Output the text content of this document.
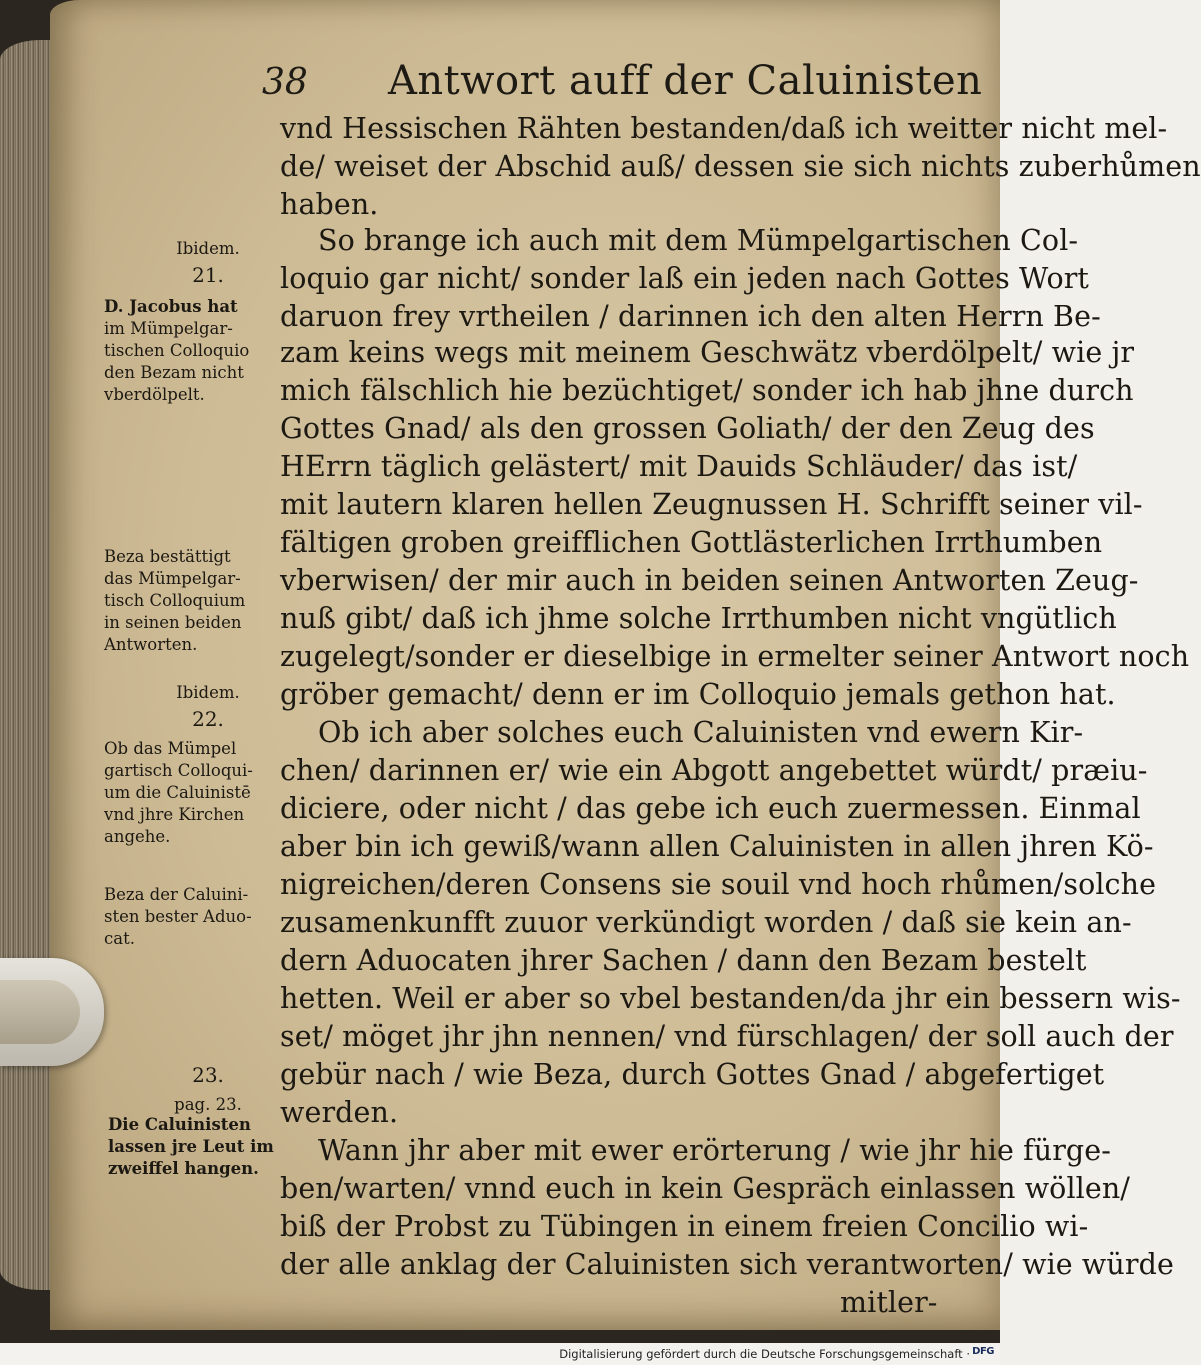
38 Antwort auff der Caluinisten
vnd Hessischen Rähten bestanden/daß ich weitter nicht mel-
de/ weiset der Abschid auß/ dessen sie sich nichts zuberhůmen
haben.
So brange ich auch mit dem Mümpelgartischen Col-
loquio gar nicht/ sonder laß ein jeden nach Gottes Wort
daruon frey vrtheilen / darinnen ich den alten Herrn Be-
zam keins wegs mit meinem Geschwätz vberdölpelt/ wie jr
mich fälschlich hie bezüchtiget/ sonder ich hab jhne durch
Gottes Gnad/ als den grossen Goliath/ der den Zeug des
HErrn täglich gelästert/ mit Dauids Schläuder/ das ist/
mit lautern klaren hellen Zeugnussen H. Schrifft seiner vil-
fältigen groben greifflichen Gottlästerlichen Irrthumben
vberwisen/ der mir auch in beiden seinen Antworten Zeug-
nuß gibt/ daß ich jhme solche Irrthumben nicht vngütlich
zugelegt/sonder er dieselbige in ermelter seiner Antwort noch
gröber gemacht/ denn er im Colloquio jemals gethon hat.
Ob ich aber solches euch Caluinisten vnd ewern Kir-
chen/ darinnen er/ wie ein Abgott angebettet würdt/ præiu-
diciere, oder nicht / das gebe ich euch zuermessen. Einmal
aber bin ich gewiß/wann allen Caluinisten in allen jhren Kö-
nigreichen/deren Consens sie souil vnd hoch rhůmen/solche
zusamenkunfft zuuor verkündigt worden / daß sie kein an-
dern Aduocaten jhrer Sachen / dann den Bezam bestelt
hetten. Weil er aber so vbel bestanden/da jhr ein bessern wis-
set/ möget jhr jhn nennen/ vnd fürschlagen/ der soll auch der
gebür nach / wie Beza, durch Gottes Gnad / abgefertiget
werden.
Wann jhr aber mit ewer erörterung / wie jhr hie fürge-
ben/warten/ vnnd euch in kein Gespräch einlassen wöllen/
biß der Probst zu Tübingen in einem freien Concilio wi-
der alle anklag der Caluinisten sich verantworten/ wie würde
mitler-
Ibidem.
21.
D. Jacobus hat
im Mümpelgar-
tischen Colloquio
den Bezam nicht
vberdölpelt.
Beza bestättigt
das Mümpelgar-
tisch Colloquium
in seinen beiden
Antworten.
Ibidem.
22.
Ob das Mümpel
gartisch Colloqui-
um die Caluinistē
vnd jhre Kirchen
angehe.
Beza der Caluini-
sten bester Aduo-
cat.
23.
pag. 23.
Die Caluinisten
lassen jre Leut im
zweiffel hangen.
Digitalisierung gefördert durch die Deutsche Forschungsgemeinschaft · DFG
